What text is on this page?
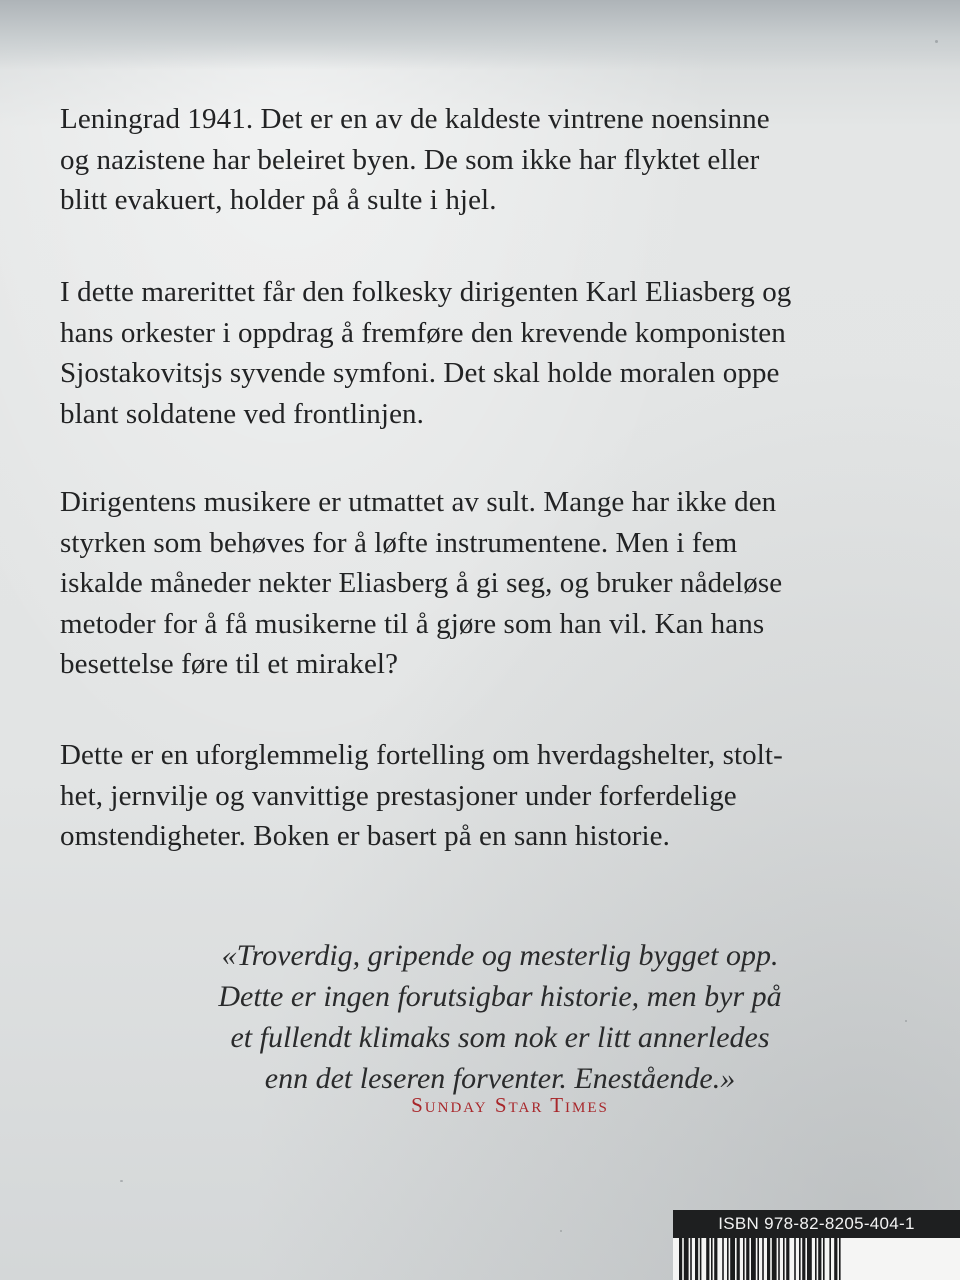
Leningrad 1941. Det er en av de kaldeste vintrene noensinne
og nazistene har beleiret byen. De som ikke har flyktet eller
blitt evakuert, holder på å sulte i hjel.

I dette marerittet får den folkesky dirigenten Karl Eliasberg og
hans orkester i oppdrag å fremføre den krevende komponisten
Sjostakovitsjs syvende symfoni. Det skal holde moralen oppe
blant soldatene ved frontlinjen.

Dirigentens musikere er utmattet av sult. Mange har ikke den
styrken som behøves for å løfte instrumentene. Men i fem
iskalde måneder nekter Eliasberg å gi seg, og bruker nådeløse
metoder for å få musikerne til å gjøre som han vil. Kan hans
besettelse føre til et mirakel?

Dette er en uforglemmelig fortelling om hverdagshelter, stolt-
het, jernvilje og vanvittige prestasjoner under forferdelige
omstendigheter. Boken er basert på en sann historie.

«Troverdig, gripende og mesterlig bygget opp.
Dette er ingen forutsigbar historie, men byr på
et fullendt klimaks som nok er litt annerledes
enn det leseren forventer. Enestående.»
Sunday Star Times
ISBN 978-82-8205-404-1
